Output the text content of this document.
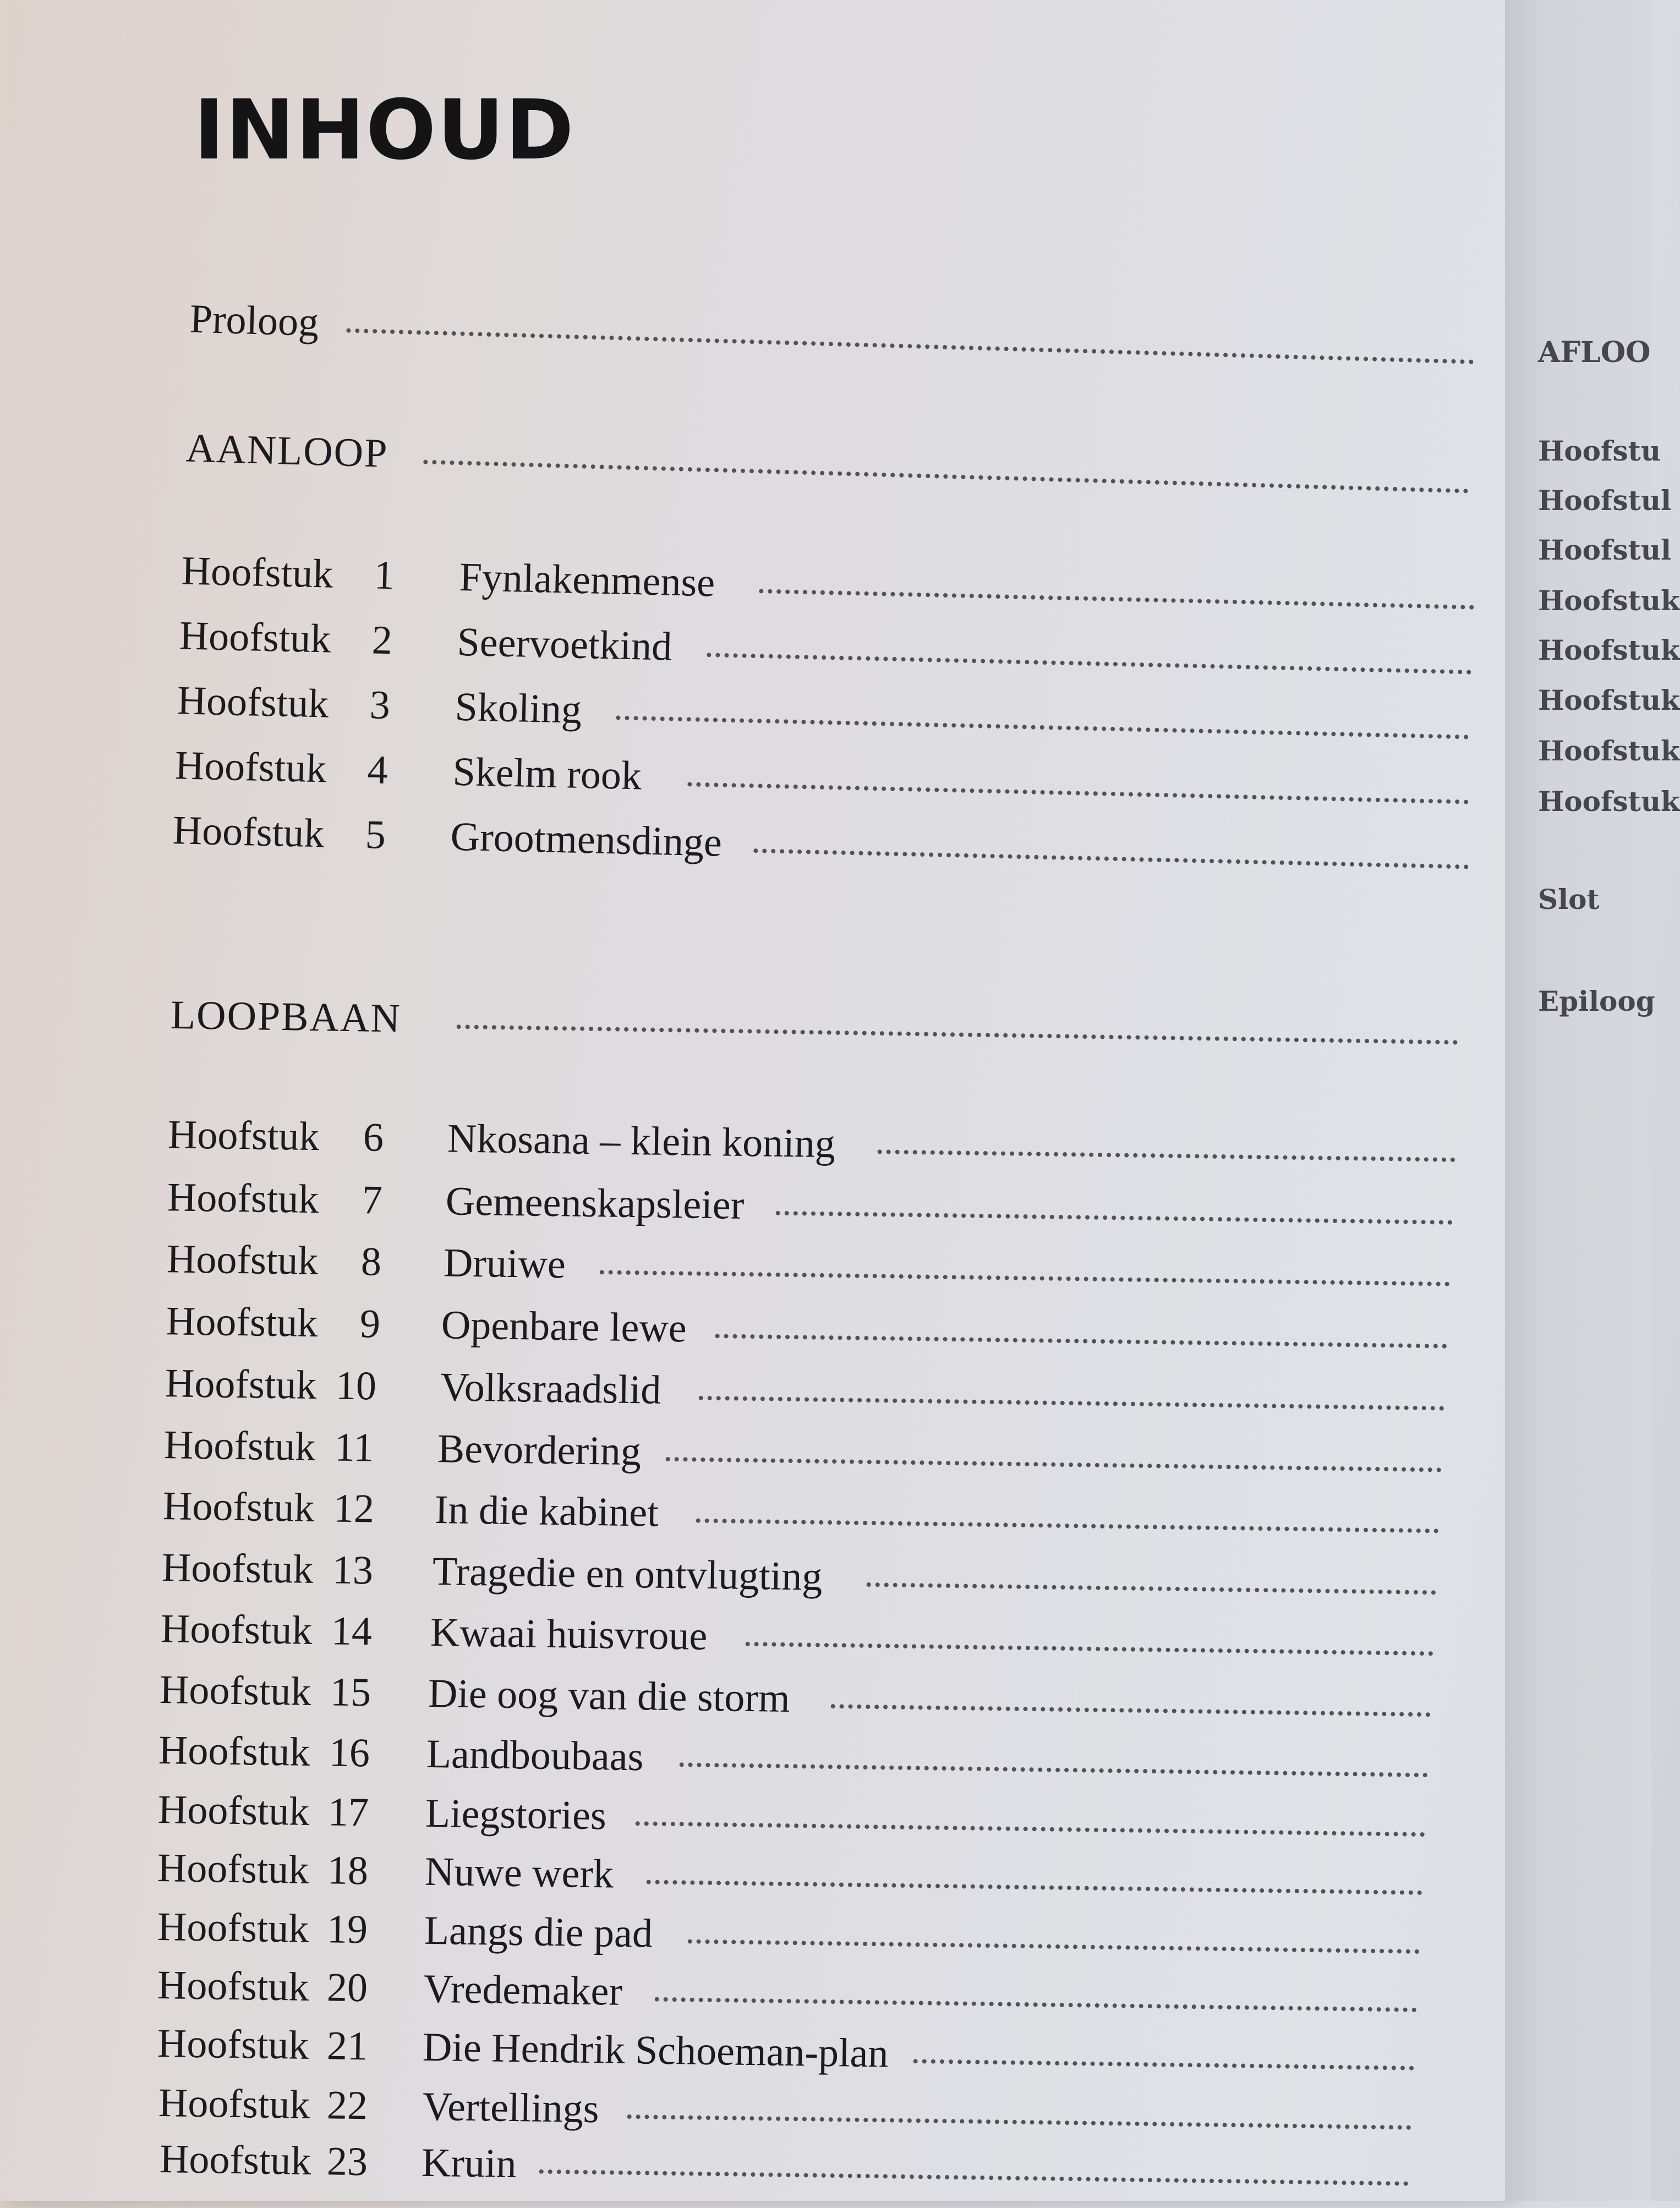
INHOUD
Proloog
AANLOOP
Hoofstuk 1 Fynlakenmense
Hoofstuk 2 Seervoetkind
Hoofstuk 3 Skoling
Hoofstuk 4 Skelm rook
Hoofstuk 5 Grootmensdinge
LOOPBAAN
Hoofstuk 6 Nkosana – klein koning
Hoofstuk 7 Gemeenskapsleier
Hoofstuk 8 Druiwe
Hoofstuk 9 Openbare lewe
Hoofstuk 10 Volksraadslid
Hoofstuk 11 Bevordering
Hoofstuk 12 In die kabinet
Hoofstuk 13 Tragedie en ontvlugting
Hoofstuk 14 Kwaai huisvroue
Hoofstuk 15 Die oog van die storm
Hoofstuk 16 Landboubaas
Hoofstuk 17 Liegstories
Hoofstuk 18 Nuwe werk
Hoofstuk 19 Langs die pad
Hoofstuk 20 Vredemaker
Hoofstuk 21 Die Hendrik Schoeman-plan
Hoofstuk 22 Vertellings
Hoofstuk 23 Kruin
AFLOO
Hoofstu
Hoofstul
Hoofstul
Hoofstuk
Hoofstuk
Hoofstuk
Hoofstuk
Hoofstuk
Slot
Epiloog
